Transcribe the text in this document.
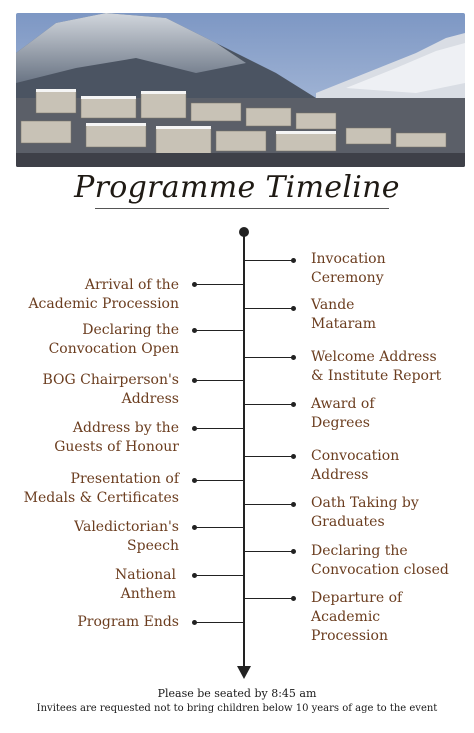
Programme Timeline
Arrival of the
Academic Procession
Declaring the
Convocation Open
BOG Chairperson's
Address
Address by the
Guests of Honour
Presentation of
Medals & Certificates
Valedictorian's
Speech
National
Anthem
Program Ends
Invocation
Ceremony
Vande
Mataram
Welcome Address
& Institute Report
Award of
Degrees
Convocation
Address
Oath Taking by
Graduates
Declaring the
Convocation closed
Departure of
Academic
Procession
Please be seated by 8:45 am
Invitees are requested not to bring children below 10 years of age to the event
